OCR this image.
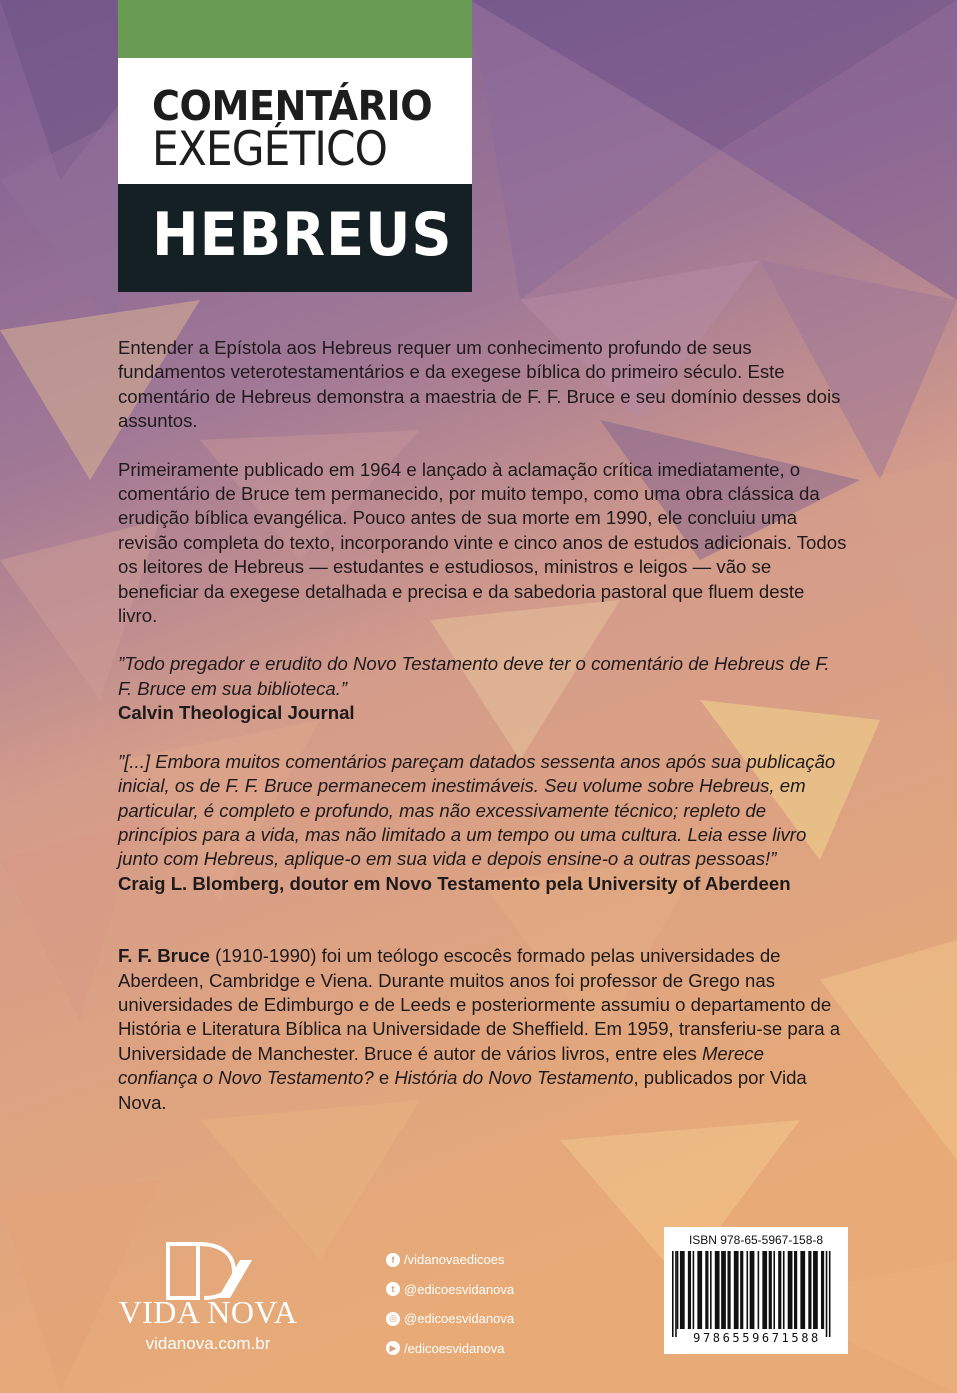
COMENTÁRIO
EXEGÉTICO
HEBREUS

Entender a Epístola aos Hebreus requer um conhecimento profundo de seus fundamentos veterotestamentários e da exegese bíblica do primeiro século. Este comentário de Hebreus demonstra a maestria de F. F. Bruce e seu domínio desses dois assuntos.

Primeiramente publicado em 1964 e lançado à aclamação crítica imediatamente, o comentário de Bruce tem permanecido, por muito tempo, como uma obra clássica da erudição bíblica evangélica. Pouco antes de sua morte em 1990, ele concluiu uma revisão completa do texto, incorporando vinte e cinco anos de estudos adicionais. Todos os leitores de Hebreus — estudantes e estudiosos, ministros e leigos — vão se beneficiar da exegese detalhada e precisa e da sabedoria pastoral que fluem deste livro.

”Todo pregador e erudito do Novo Testamento deve ter o comentário de Hebreus de F. F. Bruce em sua biblioteca.”

Calvin Theological Journal

”[...] Embora muitos comentários pareçam datados sessenta anos após sua publicação inicial, os de F. F. Bruce permanecem inestimáveis. Seu volume sobre Hebreus, em particular, é completo e profundo, mas não excessivamente técnico; repleto de princípios para a vida, mas não limitado a um tempo ou uma cultura. Leia esse livro junto com Hebreus, aplique-o em sua vida e depois ensine-o a outras pessoas!”

Craig L. Blomberg, doutor em Novo Testamento pela University of Aberdeen

F. F. Bruce (1910-1990) foi um teólogo escocês formado pelas universidades de Aberdeen, Cambridge e Viena. Durante muitos anos foi professor de Grego nas universidades de Edimburgo e de Leeds e posteriormente assumiu o departamento de História e Literatura Bíblica na Universidade de Sheffield. Em 1959, transferiu-se para a Universidade de Manchester. Bruce é autor de vários livros, entre eles Merece confiança o Novo Testamento? e História do Novo Testamento, publicados por Vida Nova.

VIDA NOVA
vidanova.com.br
f /vidanovaedicoes
t @edicoesvidanova
◎ @edicoesvidanova
▶ /edicoesvidanova
ISBN 978-65-5967-158-8
9786559671588
